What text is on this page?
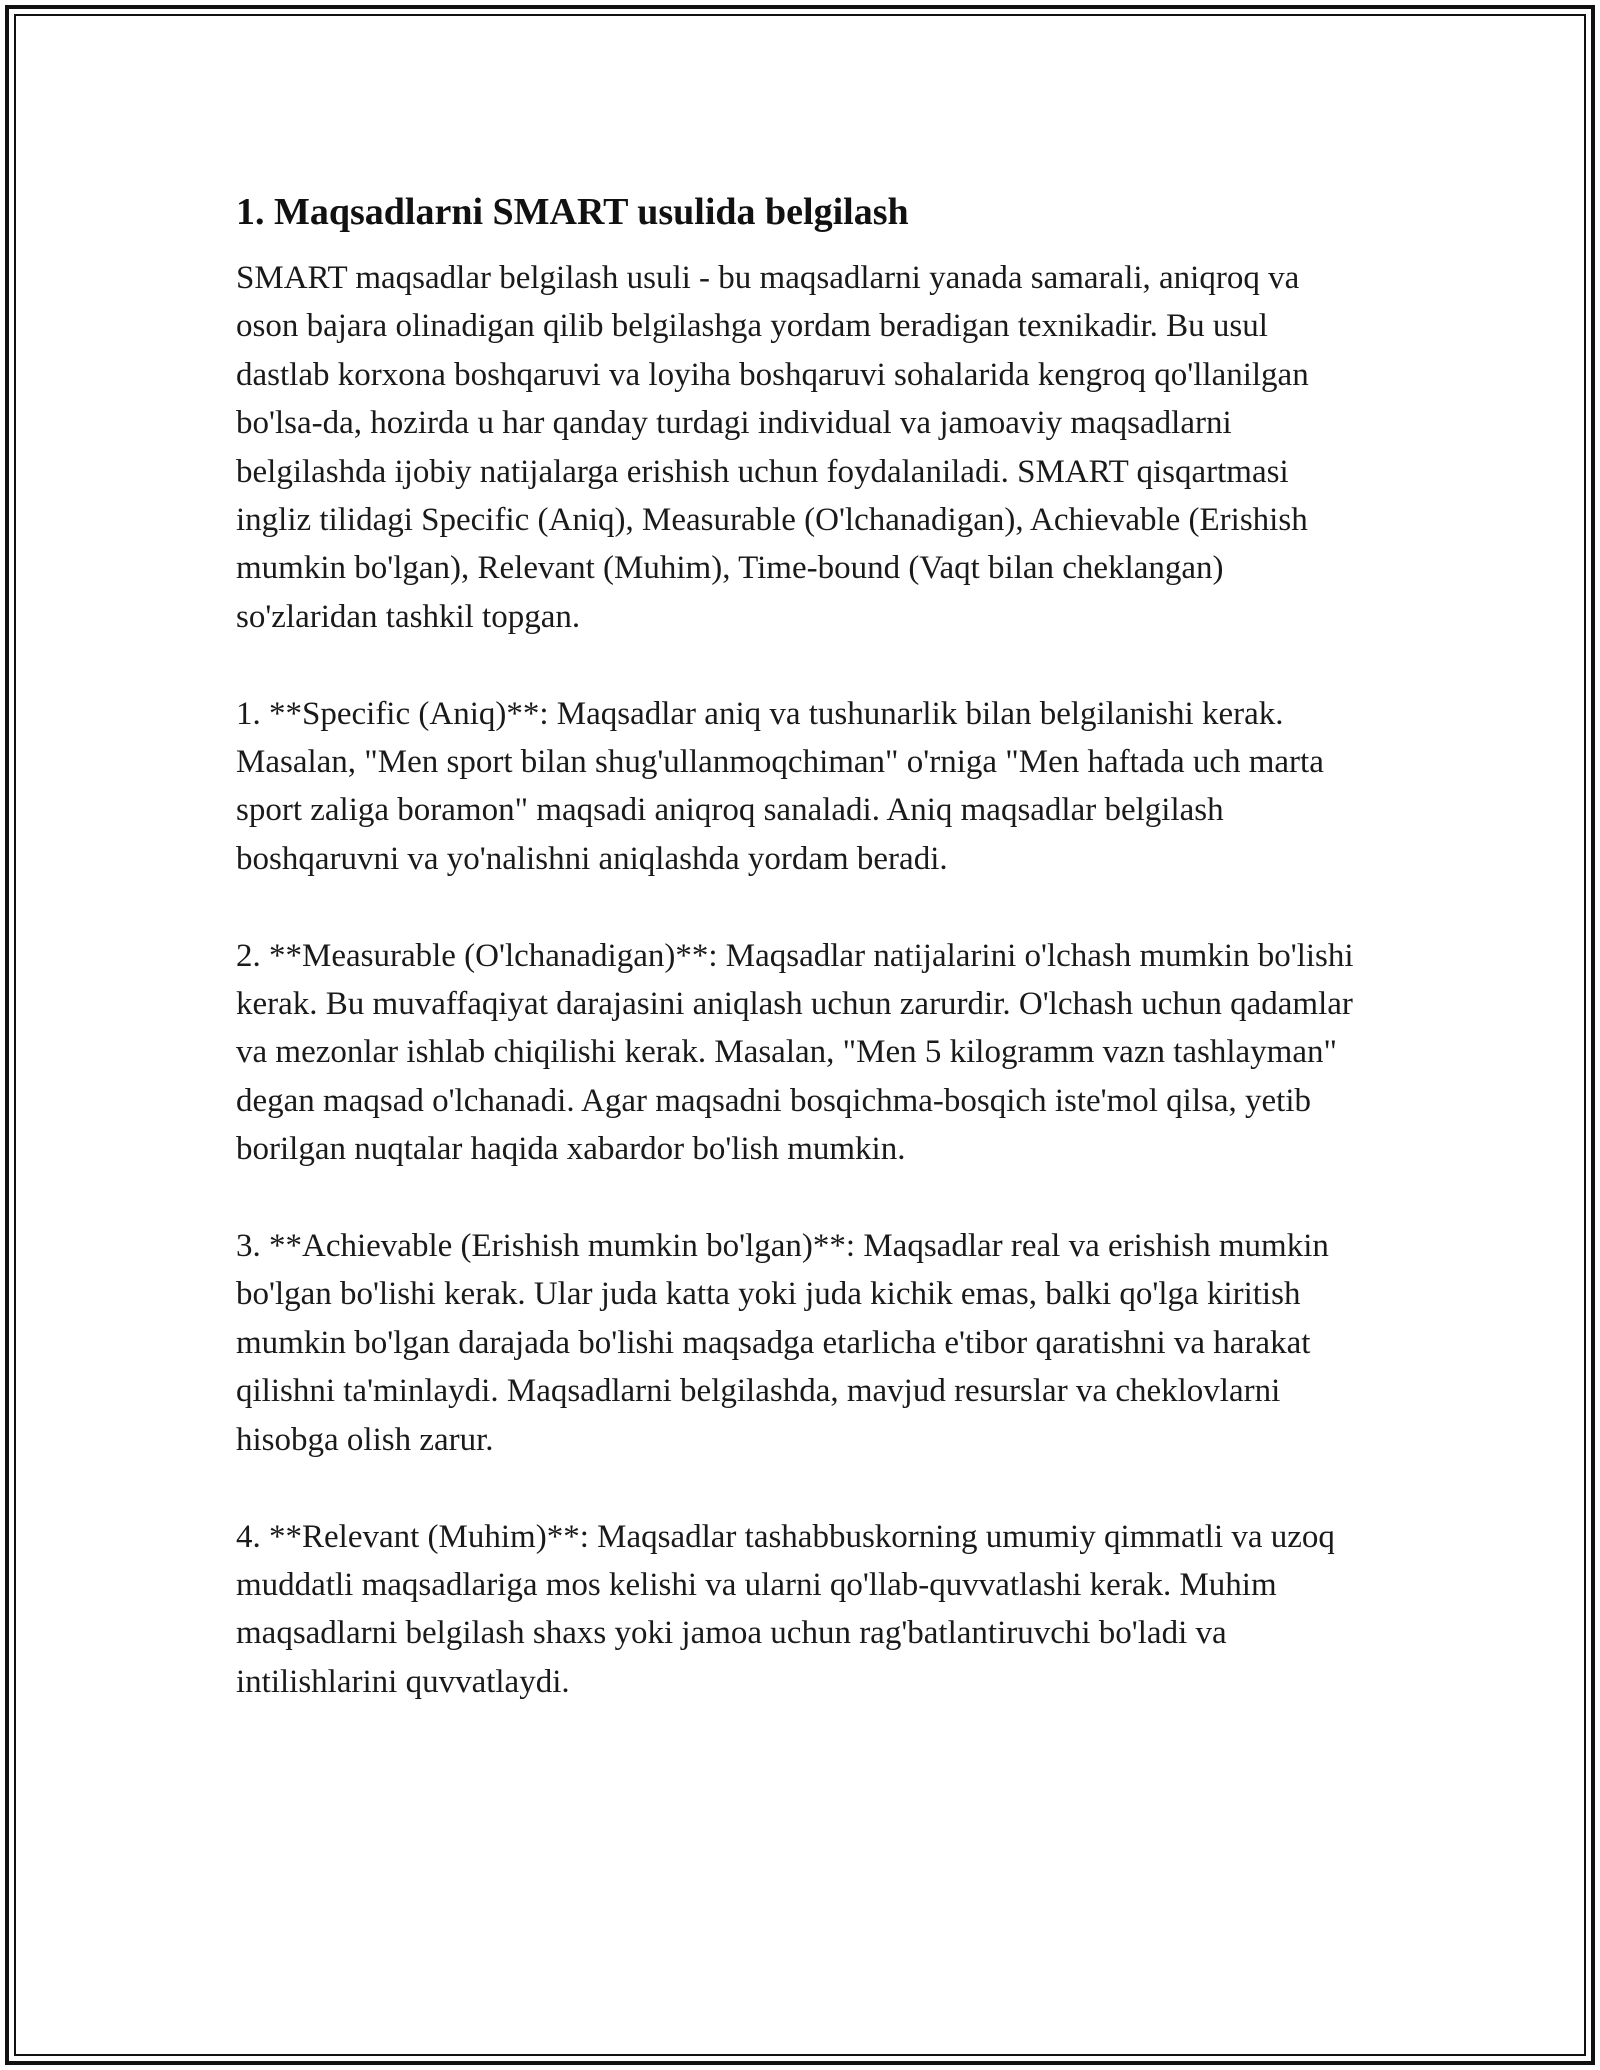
1. Maqsadlarni SMART usulida belgilash

SMART maqsadlar belgilash usuli - bu maqsadlarni yanada samarali, aniqroq va oson bajara olinadigan qilib belgilashga yordam beradigan texnikadir. Bu usul dastlab korxona boshqaruvi va loyiha boshqaruvi sohalarida kengroq qo'llanilgan bo'lsa-da, hozirda u har qanday turdagi individual va jamoaviy maqsadlarni belgilashda ijobiy natijalarga erishish uchun foydalaniladi. SMART qisqartmasi ingliz tilidagi Specific (Aniq), Measurable (O'lchanadigan), Achievable (Erishish mumkin bo'lgan), Relevant (Muhim), Time-bound (Vaqt bilan cheklangan) so'zlaridan tashkil topgan.

1. **Specific (Aniq)**: Maqsadlar aniq va tushunarlik bilan belgilanishi kerak. Masalan, "Men sport bilan shug'ullanmoqchiman" o'rniga "Men haftada uch marta sport zaliga boramon" maqsadi aniqroq sanaladi. Aniq maqsadlar belgilash boshqaruvni va yo'nalishni aniqlashda yordam beradi.

2. **Measurable (O'lchanadigan)**: Maqsadlar natijalarini o'lchash mumkin bo'lishi kerak. Bu muvaffaqiyat darajasini aniqlash uchun zarurdir. O'lchash uchun qadamlar va mezonlar ishlab chiqilishi kerak. Masalan, "Men 5 kilogramm vazn tashlayman" degan maqsad o'lchanadi. Agar maqsadni bosqichma-bosqich iste'mol qilsa, yetib borilgan nuqtalar haqida xabardor bo'lish mumkin.

3. **Achievable (Erishish mumkin bo'lgan)**: Maqsadlar real va erishish mumkin bo'lgan bo'lishi kerak. Ular juda katta yoki juda kichik emas, balki qo'lga kiritish mumkin bo'lgan darajada bo'lishi maqsadga etarlicha e'tibor qaratishni va harakat qilishni ta'minlaydi. Maqsadlarni belgilashda, mavjud resurslar va cheklovlarni hisobga olish zarur.

4. **Relevant (Muhim)**: Maqsadlar tashabbuskorning umumiy qimmatli va uzoq muddatli maqsadlariga mos kelishi va ularni qo'llab-quvvatlashi kerak. Muhim maqsadlarni belgilash shaxs yoki jamoa uchun rag'batlantiruvchi bo'ladi va intilishlarini quvvatlaydi.
